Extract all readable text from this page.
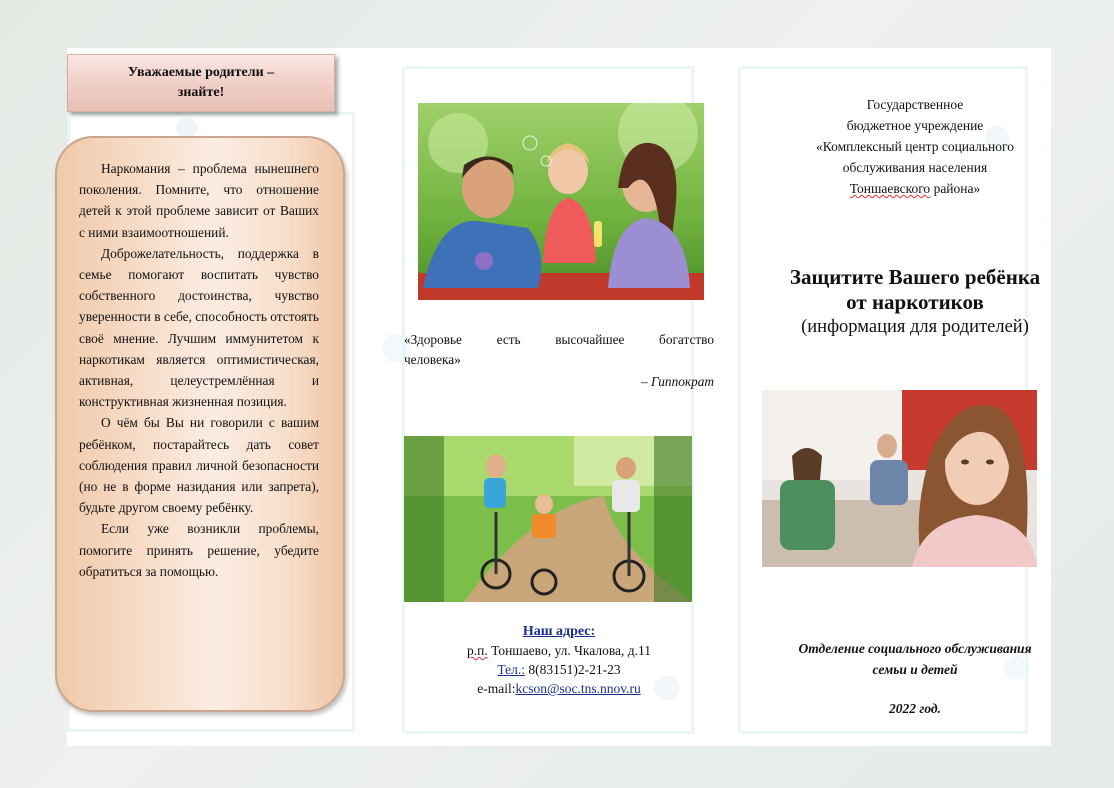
Уважаемые родители –
знайте!

Наркомания – проблема нынешнего поколения. Помните, что отношение детей к этой проблеме зависит от Ваших с ними взаимоотношений.

Доброжелательность, поддержка в семье помогают воспитать чувство собственного достоинства, чувство уверенности в себе, способность отстоять своё мнение. Лучшим иммунитетом к наркотикам является оптимистическая, активная, целеустремлённая и конструктивная жизненная позиция.

О чём бы Вы ни говорили с вашим ребёнком, постарайтесь дать совет соблюдения правил личной безопасности (но не в форме назидания или запрета), будьте другом своему ребёнку.

Если уже возникли проблемы, помогите принять решение, убедите обратиться за помощью.

«Здоровье есть высочайшее богатство
человека»
– Гиппократ
Наш адрес:
р.п. Тоншаево, ул. Чкалова, д.11
Тел.: 8(83151)2-21-23
e-mail:kcson@soc.tns.nnov.ru
Государственное
бюджетное учреждение
«Комплексный центр социального
обслуживания населения
Тоншаевского района»
Защитите Вашего ребёнка
от наркотиков
(информация для родителей)
Отделение социального обслуживания
семьи и детей
2022 год.
